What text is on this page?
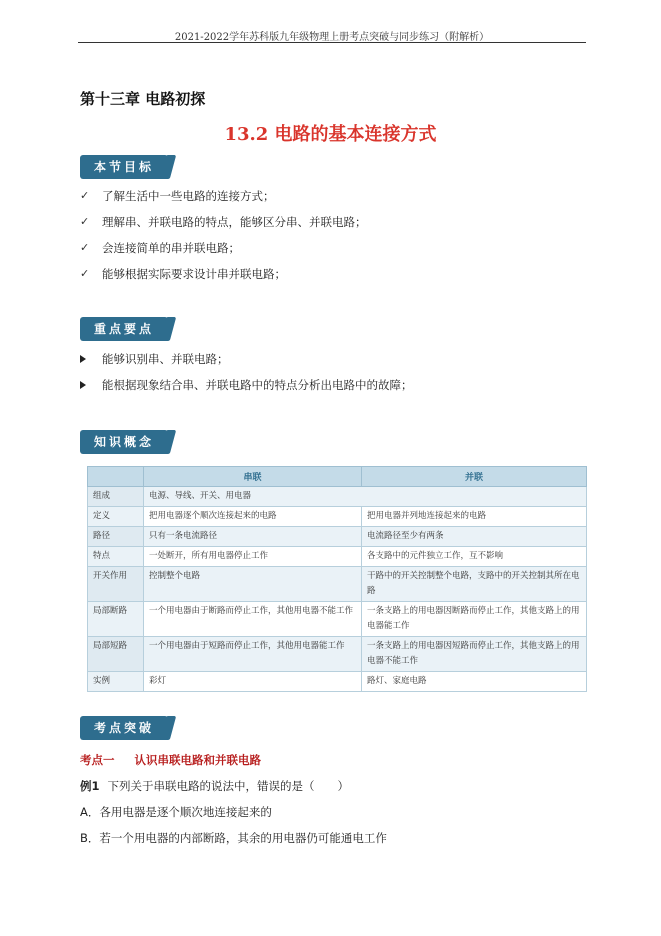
2021-2022学年苏科版九年级物理上册考点突破与同步练习（附解析）
第十三章 电路初探
13.2 电路的基本连接方式
本节目标
✓	了解生活中一些电路的连接方式；
✓	理解串、并联电路的特点，能够区分串、并联电路；
✓	会连接简单的串并联电路；
✓	能够根据实际要求设计串并联电路；
重点要点
能够识别串、并联电路；
能根据现象结合串、并联电路中的特点分析出电路中的故障；
知识概念
	串联	并联
组成	电源、导线、开关、用电器	
定义	把用电器逐个顺次连接起来的电路	把用电器并列地连接起来的电路
路径	只有一条电流路径	电流路径至少有两条
特点	一处断开，所有用电器停止工作	各支路中的元件独立工作，互不影响
开关作用	控制整个电路	干路中的开关控制整个电路，支路中的开关控制其所在电路
局部断路	一个用电器由于断路而停止工作，其他用电器不能工作	一条支路上的用电器因断路而停止工作，其他支路上的用电器能工作
局部短路	一个用电器由于短路而停止工作，其他用电器能工作	一条支路上的用电器因短路而停止工作，其他支路上的用电器不能工作
实例	彩灯	路灯、家庭电路
考点突破
考点一 认识串联电路和并联电路
例1 下列关于串联电路的说法中，错误的是（　　）
A．各用电器是逐个顺次地连接起来的
B．若一个用电器的内部断路，其余的用电器仍可能通电工作
